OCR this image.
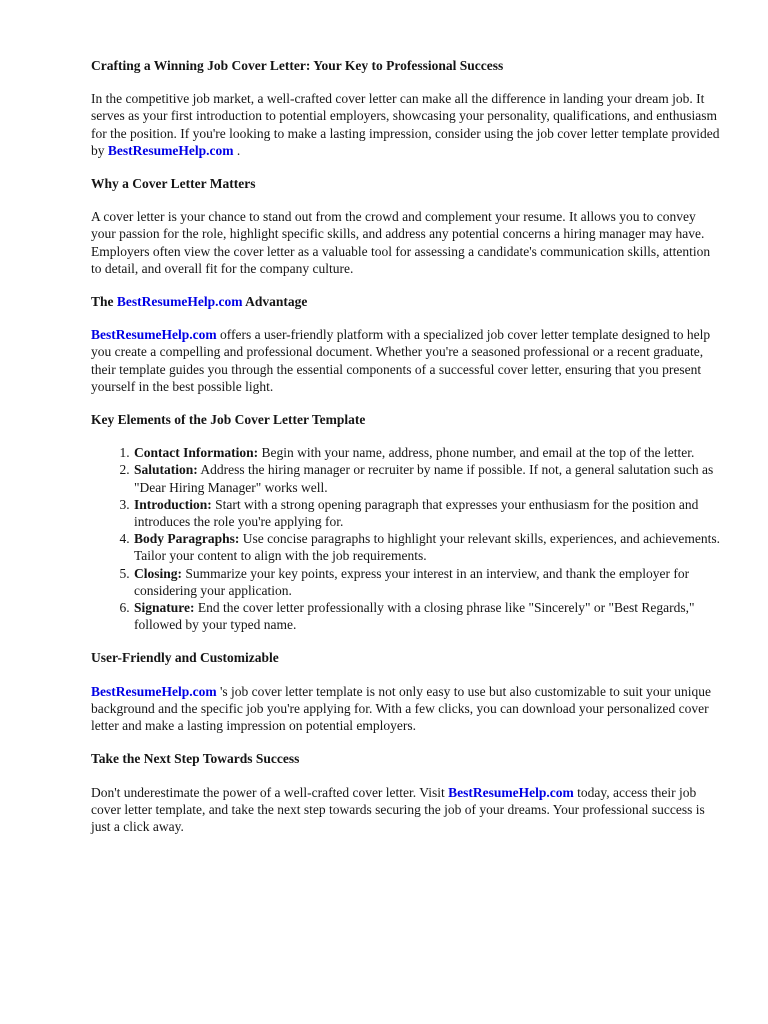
Crafting a Winning Job Cover Letter: Your Key to Professional Success

In the competitive job market, a well-crafted cover letter can make all the difference in landing your dream job. It serves as your first introduction to potential employers, showcasing your personality, qualifications, and enthusiasm for the position. If you're looking to make a lasting impression, consider using the job cover letter template provided by BestResumeHelp.com .

Why a Cover Letter Matters

A cover letter is your chance to stand out from the crowd and complement your resume. It allows you to convey your passion for the role, highlight specific skills, and address any potential concerns a hiring manager may have. Employers often view the cover letter as a valuable tool for assessing a candidate's communication skills, attention to detail, and overall fit for the company culture.

The BestResumeHelp.com Advantage

BestResumeHelp.com offers a user-friendly platform with a specialized job cover letter template designed to help you create a compelling and professional document. Whether you're a seasoned professional or a recent graduate, their template guides you through the essential components of a successful cover letter, ensuring that you present yourself in the best possible light.

Key Elements of the Job Cover Letter Template
1. Contact Information: Begin with your name, address, phone number, and email at the top of the letter.
2. Salutation: Address the hiring manager or recruiter by name if possible. If not, a general salutation such as "Dear Hiring Manager" works well.
3. Introduction: Start with a strong opening paragraph that expresses your enthusiasm for the position and introduces the role you're applying for.
4. Body Paragraphs: Use concise paragraphs to highlight your relevant skills, experiences, and achievements. Tailor your content to align with the job requirements.
5. Closing: Summarize your key points, express your interest in an interview, and thank the employer for considering your application.
6. Signature: End the cover letter professionally with a closing phrase like "Sincerely" or "Best Regards," followed by your typed name.
User-Friendly and Customizable

BestResumeHelp.com 's job cover letter template is not only easy to use but also customizable to suit your unique background and the specific job you're applying for. With a few clicks, you can download your personalized cover letter and make a lasting impression on potential employers.

Take the Next Step Towards Success

Don't underestimate the power of a well-crafted cover letter. Visit BestResumeHelp.com today, access their job cover letter template, and take the next step towards securing the job of your dreams. Your professional success is just a click away.
